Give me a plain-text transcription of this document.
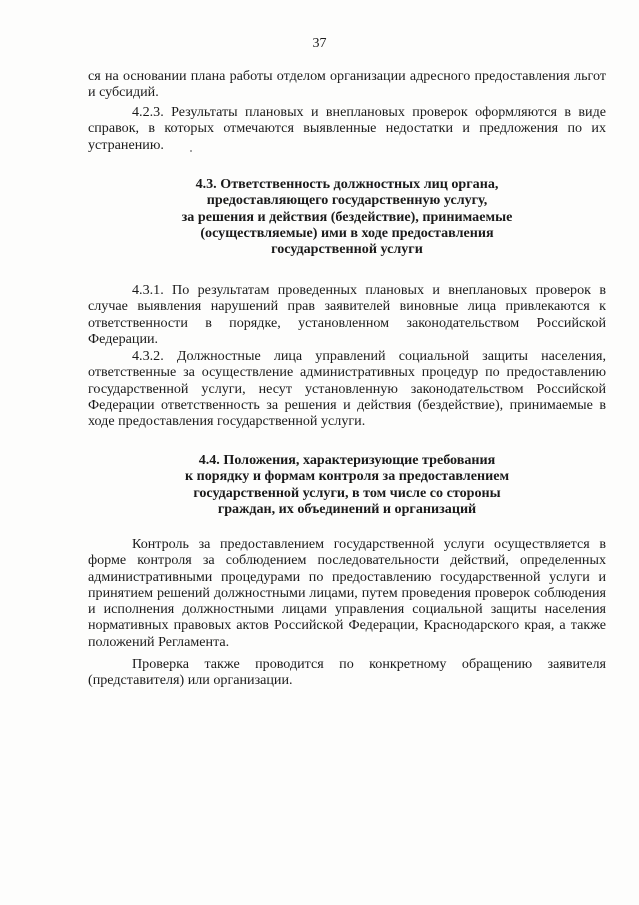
37

ся на основании плана работы отделом организации адресного предоставления льгот и субсидий.

4.2.3. Результаты плановых и внеплановых проверок оформляются в виде справок, в которых отмечаются выявленные недостатки и предложения по их устранению.

4.3. Ответственность должностных лиц органа,
предоставляющего государственную услугу,
за решения и действия (бездействие), принимаемые
(осуществляемые) ими в ходе предоставления
государственной услуги

4.3.1. По результатам проведенных плановых и внеплановых проверок в случае выявления нарушений прав заявителей виновные лица привлекаются к ответственности в порядке, установленном законодательством Российской Федерации.

4.3.2. Должностные лица управлений социальной защиты населения, ответственные за осуществление административных процедур по предоставлению государственной услуги, несут установленную законодательством Российской Федерации ответственность за решения и действия (бездействие), принимаемые в ходе предоставления государственной услуги.

4.4. Положения, характеризующие требования
к порядку и формам контроля за предоставлением
государственной услуги, в том числе со стороны
граждан, их объединений и организаций

Контроль за предоставлением государственной услуги осуществляется в форме контроля за соблюдением последовательности действий, определенных административными процедурами по предоставлению государственной услуги и принятием решений должностными лицами, путем проведения проверок соблюдения и исполнения должностными лицами управления социальной защиты населения нормативных правовых актов Российской Федерации, Краснодарского края, а также положений Регламента.

Проверка также проводится по конкретному обращению заявителя (представителя) или организации.
